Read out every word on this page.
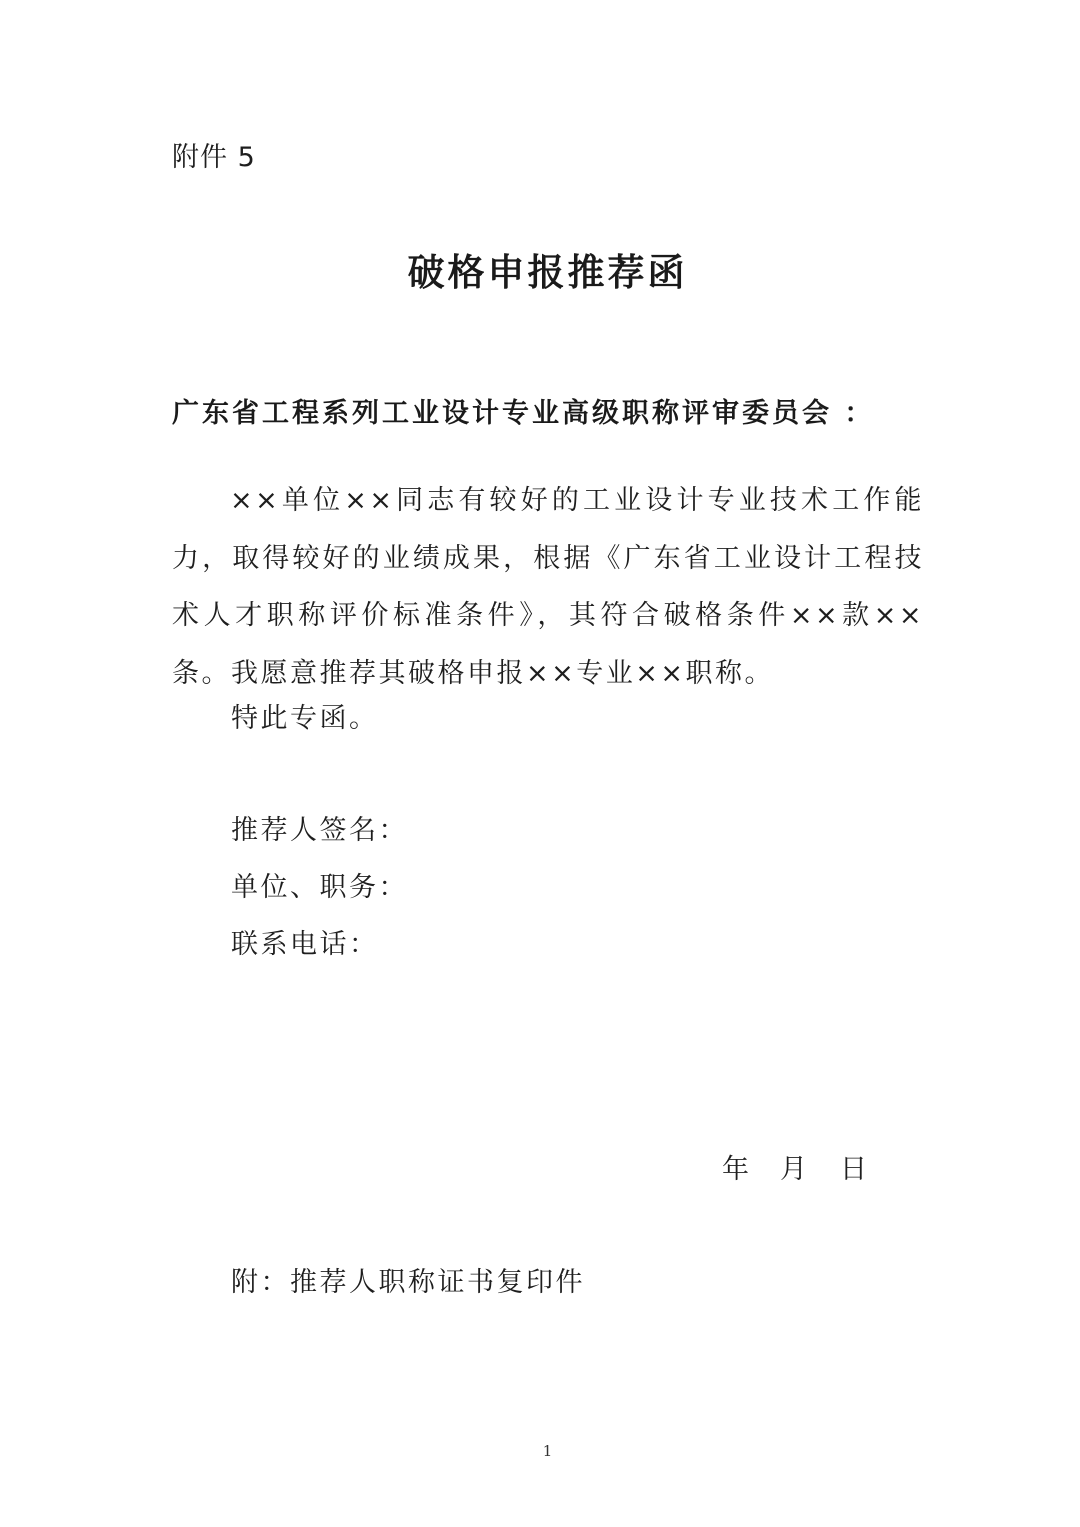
附件 5
破格申报推荐函
广东省工程系列工业设计专业高级职称评审委员会 ：

××单位××同志有较好的工业设计专业技术工作能力，取得较好的业绩成果，根据《广东省工业设计工程技术人才职称评价标准条件》，其符合破格条件××款××条。我愿意推荐其破格申报××专业××职称。

特此专函。
推荐人签名：
单位、职务：
联系电话：
年 月 日
附：推荐人职称证书复印件
1
